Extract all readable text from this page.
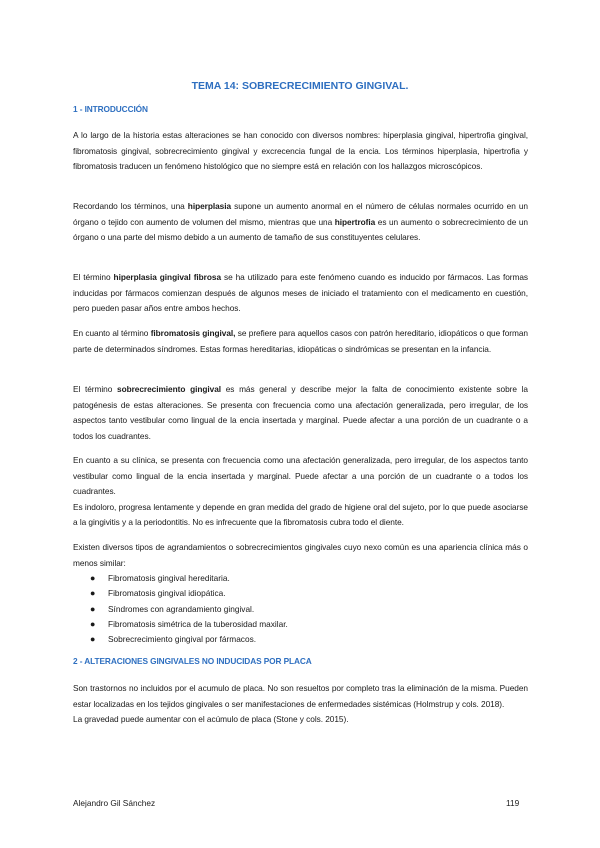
TEMA 14: SOBRECRECIMIENTO GINGIVAL.
1 - INTRODUCCIÓN
A lo largo de la historia estas alteraciones se han conocido con diversos nombres: hiperplasia gingival, hipertrofia gingival, fibromatosis gingival, sobrecrecimiento gingival y excrecencia fungal de la encia. Los términos hiperplasia, hipertrofia y fibromatosis traducen un fenómeno histológico que no siempre está en relación con los hallazgos microscópicos.
Recordando los términos, una hiperplasia supone un aumento anormal en el número de células normales ocurrido en un órgano o tejido con aumento de volumen del mismo, mientras que una hipertrofia es un aumento o sobrecrecimiento de un órgano o una parte del mismo debido a un aumento de tamaño de sus constituyentes celulares.
El término hiperplasia gingival fibrosa se ha utilizado para este fenómeno cuando es inducido por fármacos. Las formas inducidas por fármacos comienzan después de algunos meses de iniciado el tratamiento con el medicamento en cuestión, pero pueden pasar años entre ambos hechos.
En cuanto al término fibromatosis gingival, se prefiere para aquellos casos con patrón hereditario, idiopáticos o que forman parte de determinados síndromes. Estas formas hereditarias, idiopáticas o sindrómicas se presentan en la infancia.
El término sobrecrecimiento gingival es más general y describe mejor la falta de conocimiento existente sobre la patogénesis de estas alteraciones. Se presenta con frecuencia como una afectación generalizada, pero irregular, de los aspectos tanto vestibular como lingual de la encia insertada y marginal. Puede afectar a una porción de un cuadrante o a todos los cuadrantes.
En cuanto a su clínica, se presenta con frecuencia como una afectación generalizada, pero irregular, de los aspectos tanto vestibular como lingual de la encia insertada y marginal. Puede afectar a una porción de un cuadrante o a todos los cuadrantes.
Es indoloro, progresa lentamente y depende en gran medida del grado de higiene oral del sujeto, por lo que puede asociarse a la gingivitis y a la periodontitis. No es infrecuente que la fibromatosis cubra todo el diente.
Existen diversos tipos de agrandamientos o sobrecrecimientos gingivales cuyo nexo común es una apariencia clínica más o menos similar:
● Fibromatosis gingival hereditaria.
● Fibromatosis gingival idiopática.
● Síndromes con agrandamiento gingival.
● Fibromatosis simétrica de la tuberosidad maxilar.
● Sobrecrecimiento gingival por fármacos.
2 - ALTERACIONES GINGIVALES NO INDUCIDAS POR PLACA
Son trastornos no incluidos por el acumulo de placa. No son resueltos por completo tras la eliminación de la misma. Pueden estar localizadas en los tejidos gingivales o ser manifestaciones de enfermedades sistémicas (Holmstrup y cols. 2018).
La gravedad puede aumentar con el acúmulo de placa (Stone y cols. 2015).
Alejandro Gil Sánchez	119
